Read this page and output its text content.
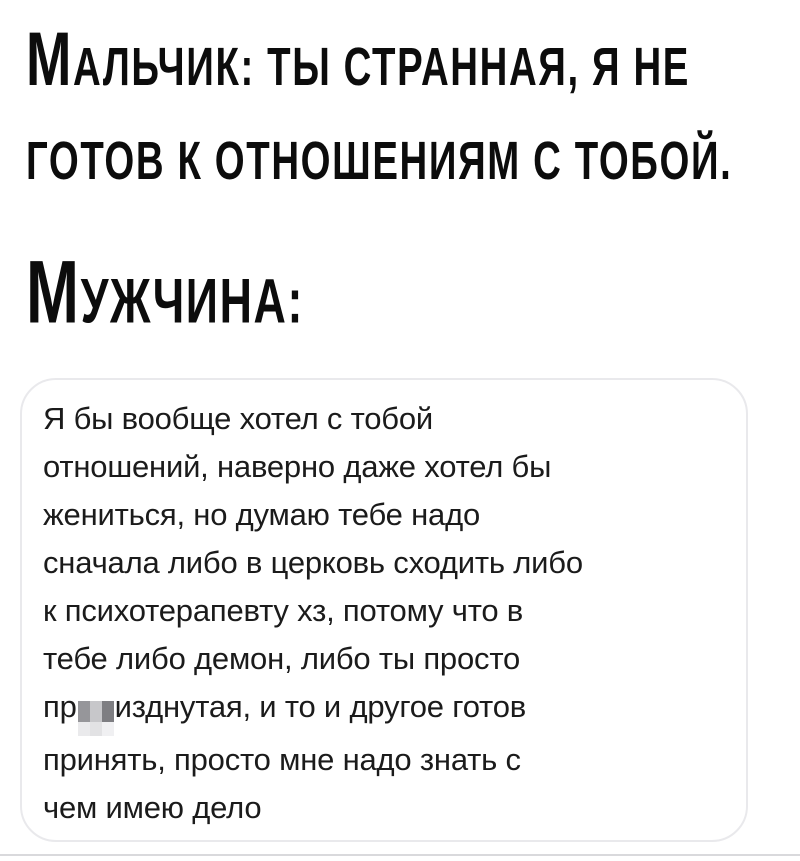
МАЛЬЧИК: ТЫ СТРАННАЯ, Я НЕ
ГОТОВ К ОТНОШЕНИЯМ С ТОБОЙ.
МУЖЧИНА:
Я бы вообще хотел с тобой
отношений, наверно даже хотел бы
жениться, но думаю тебе надо
сначала либо в церковь сходить либо
к психотерапевту хз, потому что в
тебе либо демон, либо ты просто
пр изднутая, и то и другое готов
принять, просто мне надо знать с
чем имею дело
